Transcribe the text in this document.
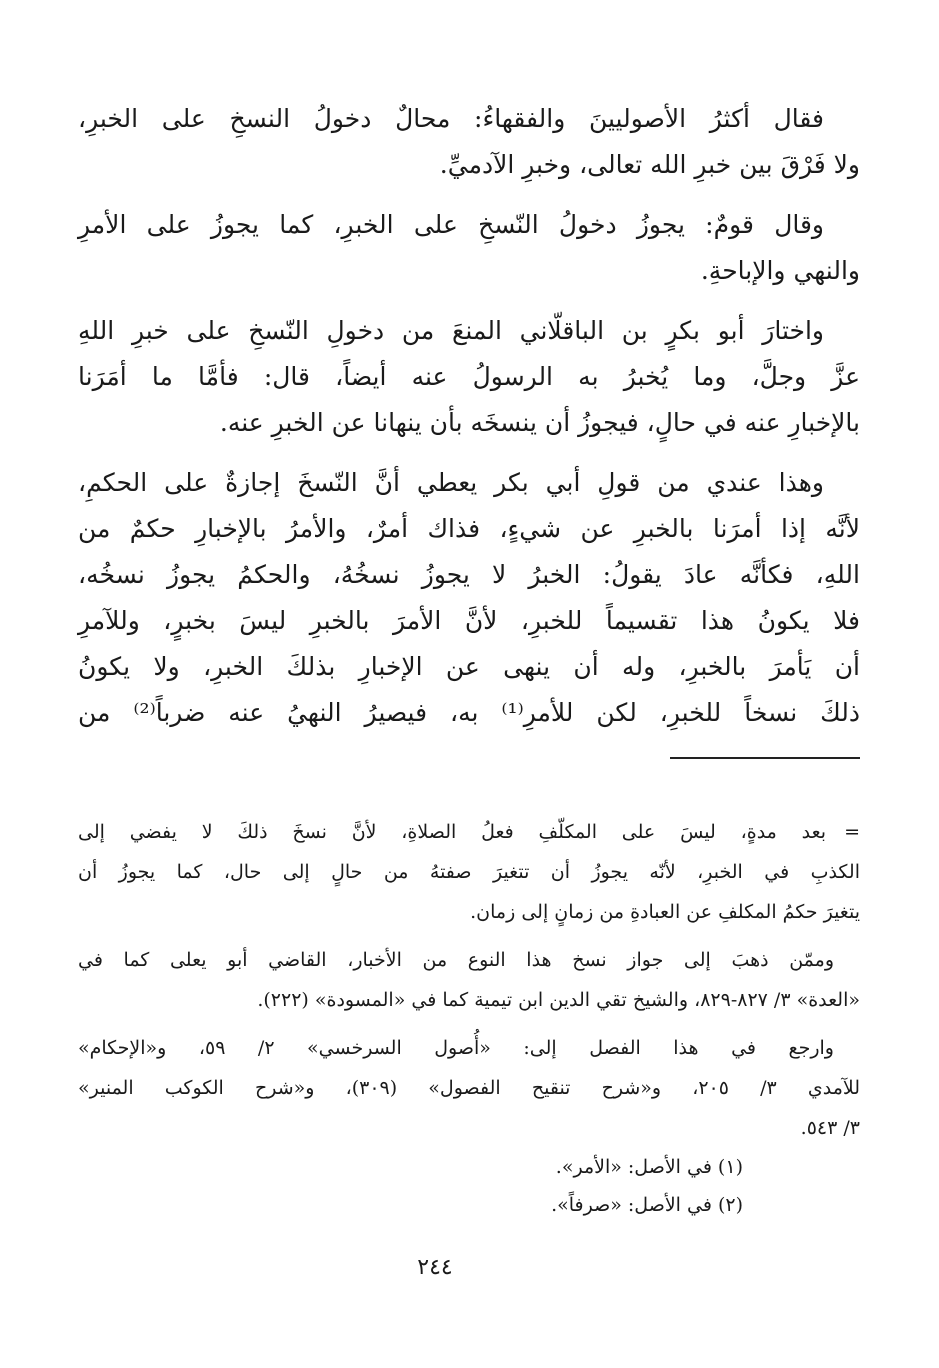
فقال أكثرُ الأصوليينَ والفقهاءُ: محالٌ دخولُ النسخِ على الخبرِ،
ولا فَرْقَ بين خبرِ الله تعالى، وخبرِ الآدميِّ.

وقال قومٌ: يجوزُ دخولُ النّسخِ على الخبرِ، كما يجوزُ على الأمرِ
والنهي والإباحةِ.

واختارَ أبو بكرٍ بن الباقلّاني المنعَ من دخولِ النّسخِ على خبرِ اللهِ
عزَّ وجلَّ، وما يُخبرُ به الرسولُ عنه أيضاً، قال: فأمَّا ما أمَرَنا
بالإخبارِ عنه في حالٍ، فيجوزُ أن ينسخَه بأن ينهانا عن الخبرِ عنه.

وهذا عندي من قولِ أبي بكر يعطي أنَّ النّسخَ إجازةٌ على الحكمِ،
لأنَّه إذا أمرَنا بالخبرِ عن شيءٍ، فذاك أمرٌ، والأمرُ بالإخبارِ حكمٌ من
اللهِ، فكأنَّه عادَ يقولُ: الخبرُ لا يجوزُ نسخُهُ، والحكمُ يجوزُ نسخُه،
فلا يكونُ هذا تقسيماً للخبرِ، لأنَّ الأمرَ بالخبرِ ليسَ بخبرٍ، وللآمرِ
أن يَأمرَ بالخبرِ، وله أن ينهى عن الإخبارِ بذلكَ الخبرِ، ولا يكونُ
ذلكَ نسخاً للخبرِ، لكن للأمرِ⁽¹⁾ به، فيصيرُ النهيُ عنه ضرباً⁽²⁾ من

=بعد مدةٍ، ليسَ على المكلّفِ فعلُ الصلاةِ، لأنَّ نسخَ ذلكَ لا يفضي إلى
الكذبِ في الخبرِ، لأنّه يجوزُ أن تتغيرَ صفتهُ من حالٍ إلى حال، كما يجوزُ أن
يتغيرَ حكمُ المكلفِ عن العبادةِ من زمانٍ إلى زمان.

وممّن ذهبَ إلى جواز نسخ هذا النوع من الأخبار، القاضي أبو يعلى كما في
«العدة» ٣/ ٨٢٧-٨٢٩، والشيخ تقي الدين ابن تيمية كما في «المسودة» (٢٢٢).

وارجع في هذا الفصل إلى: «أُصول السرخسي» ٢/ ٥٩، و«الإحكام»
للآمدي ٣/ ٢٠٥، و«شرح تنقيح الفصول» (٣٠٩)، و«شرح الكوكب المنير»
٣/ ٥٤٣.

(١) في الأصل: «الأمر».
(٢) في الأصل: «صرفاً».
٢٤٤
